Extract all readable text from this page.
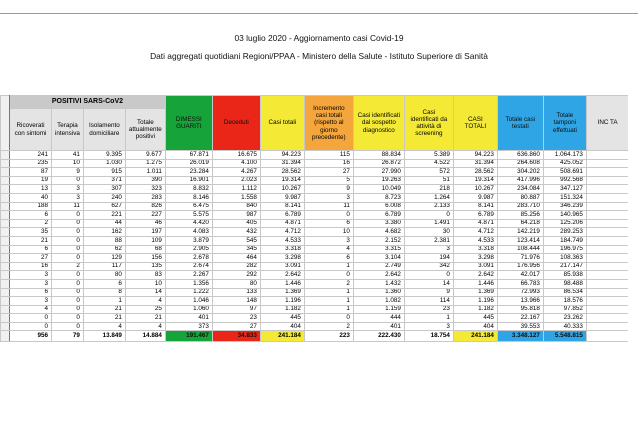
03 luglio 2020 - Aggiornamento casi Covid-19
Dati aggregati quotidiani Regioni/PPAA - Ministero della Salute - Istituto Superiore di Sanità
	POSITIVI SARS-CoV2				DIMESSI GUARITI	Deceduti	Casi totali	Incremento casi totali (rispetto al giorno precedente)	Casi identificati dal sospetto diagnostico	Casi identificati da attività di screening	CASI TOTALI	Totale casi testati	Totale tamponi effettuati	INC TA
	Ricoverati con sintomi	Terapia intensiva	Isolamento domiciliare	Totale attualmente positivi										
	241	41	9.395	9.677	67.871	16.675	94.223	115	88.834	5.389	94.223	636.860	1.064.173	
	235	10	1.030	1.275	26.019	4.100	31.394	16	26.872	4.522	31.394	264.608	425.052	
	87	9	915	1.011	23.284	4.267	28.562	27	27.990	572	28.562	304.202	508.691	
	19	0	371	390	16.901	2.023	19.314	5	19.263	51	19.314	417.996	992.568	
	13	3	307	323	8.832	1.112	10.267	9	10.049	218	10.267	234.084	347.127	
	40	3	240	283	8.146	1.558	9.987	3	8.723	1.264	9.987	80.887	151.324	
	188	11	627	826	6.475	840	8.141	11	6.008	2.133	8.141	283.710	346.239	
	6	0	221	227	5.575	987	6.789	0	6.789	0	6.789	85.256	140.965	
	2	0	44	46	4.420	405	4.871	6	3.380	1.491	4.871	64.218	125.206	
	35	0	162	197	4.083	432	4.712	10	4.682	30	4.712	142.219	289.253	
	21	0	88	109	3.879	545	4.533	3	2.152	2.381	4.533	123.414	184.749	
	6	0	62	68	2.905	345	3.318	4	3.315	3	3.318	108.444	196.975	
	27	0	129	156	2.678	464	3.298	6	3.104	194	3.298	71.976	108.363	
	16	2	117	135	2.674	282	3.091	1	2.749	342	3.091	176.956	217.147	
	3	0	80	83	2.267	292	2.642	0	2.642	0	2.642	42.017	85.938	
	3	0	6	10	1.356	80	1.446	2	1.432	14	1.446	66.783	98.488	
	6	0	8	14	1.222	133	1.369	1	1.360	9	1.369	72.993	86.534	
	3	0	1	4	1.046	148	1.196	1	1.082	114	1.196	13.966	18.576	
	4	0	21	25	1.060	97	1.182	1	1.159	23	1.182	95.818	97.852	
	0	0	21	21	401	23	445	0	444	1	445	22.167	23.262	
	0	0	4	4	373	27	404	2	401	3	404	39.553	40.333	
	956	79	13.849	14.884	191.467	34.833	241.184	223	222.430	18.754	241.184	3.348.127	5.548.815	
